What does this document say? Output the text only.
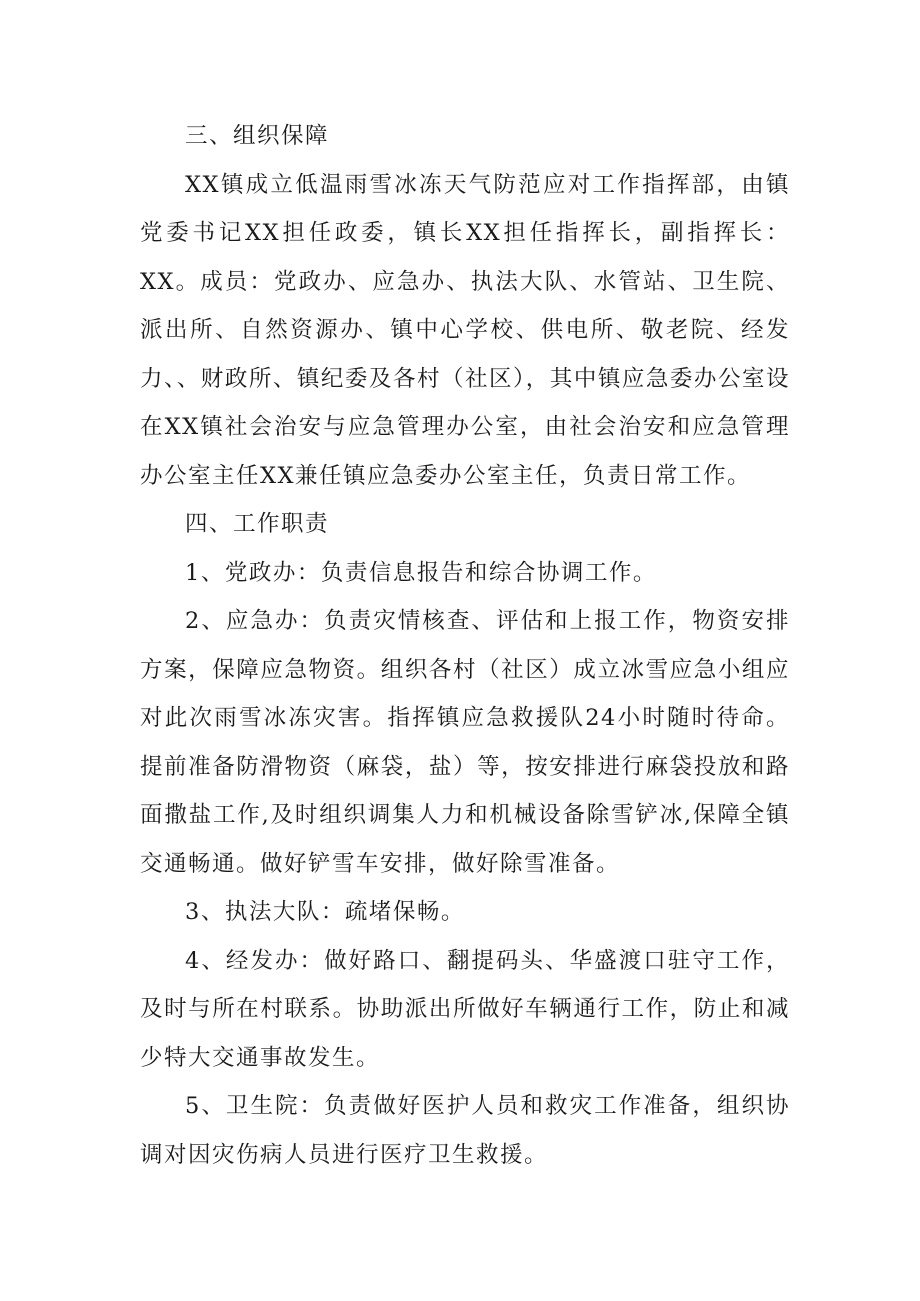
三、组织保障

XX镇成立低温雨雪冰冻天气防范应对工作指挥部，由镇党委书记XX担任政委，镇长XX担任指挥长，副指挥长：XX。成员：党政办、应急办、执法大队、水管站、卫生院、派出所、自然资源办、镇中心学校、供电所、敬老院、经发力、、财政所、镇纪委及各村（社区），其中镇应急委办公室设在XX镇社会治安与应急管理办公室，由社会治安和应急管理办公室主任XX兼任镇应急委办公室主任，负责日常工作。

四、工作职责

1、党政办：负责信息报告和综合协调工作。

2、应急办：负责灾情核查、评估和上报工作，物资安排方案，保障应急物资。组织各村（社区）成立冰雪应急小组应对此次雨雪冰冻灾害。指挥镇应急救援队24小时随时待命。提前准备防滑物资（麻袋，盐）等，按安排进行麻袋投放和路面撒盐工作,及时组织调集人力和机械设备除雪铲冰,保障全镇交通畅通。做好铲雪车安排，做好除雪准备。

3、执法大队：疏堵保畅。

4、经发办：做好路口、翻提码头、华盛渡口驻守工作，及时与所在村联系。协助派出所做好车辆通行工作，防止和减少特大交通事故发生。

5、卫生院：负责做好医护人员和救灾工作准备，组织协调对因灾伤病人员进行医疗卫生救援。
